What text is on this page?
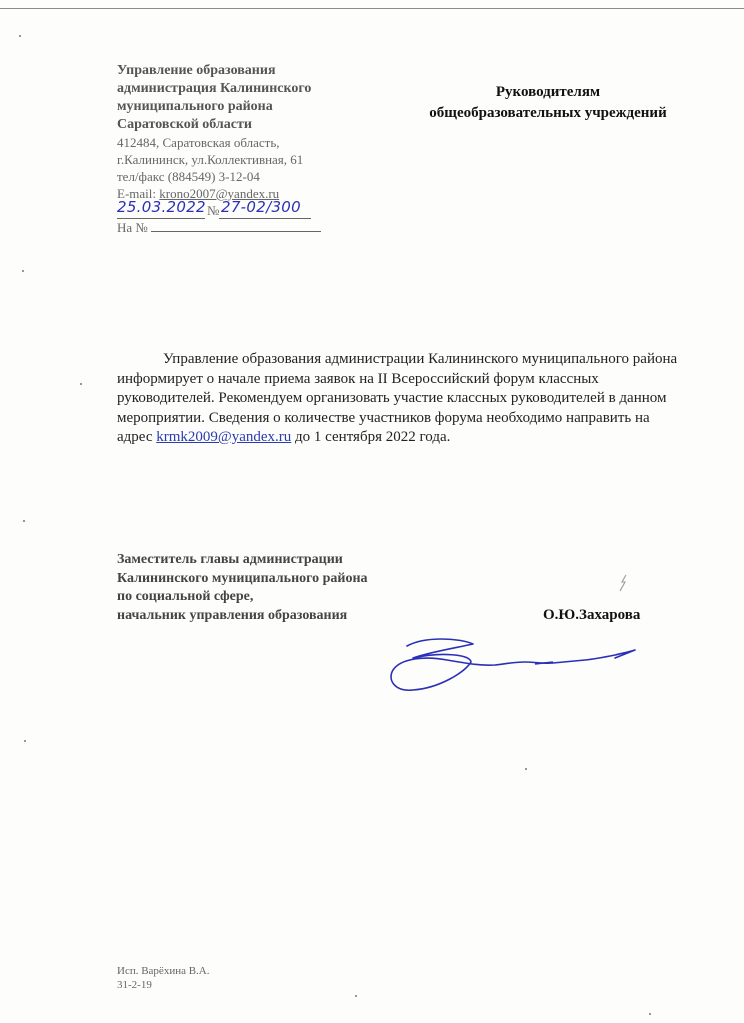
Управление образования
администрация Калининского
муниципального района
Саратовской области
412484, Саратовская область,
г.Калининск, ул.Коллективная, 61
тел/факс (884549) 3-12-04
E-mail: krono2007@yandex.ru
25.03.2022 № 27-02/300
На №
Руководителям
общеобразовательных учреждений

Управление образования администрации Калининского муниципального района информирует о начале приема заявок на II Всероссийский форум классных руководителей. Рекомендуем организовать участие классных руководителей в данном мероприятии. Сведения о количестве участников форума необходимо направить на адрес krmk2009@yandex.ru до 1 сентября 2022 года.

Заместитель главы администрации
Калининского муниципального района
по социальной сфере,
начальник управления образования	О.Ю.Захарова
Исп. Варёхина В.А.
31-2-19
